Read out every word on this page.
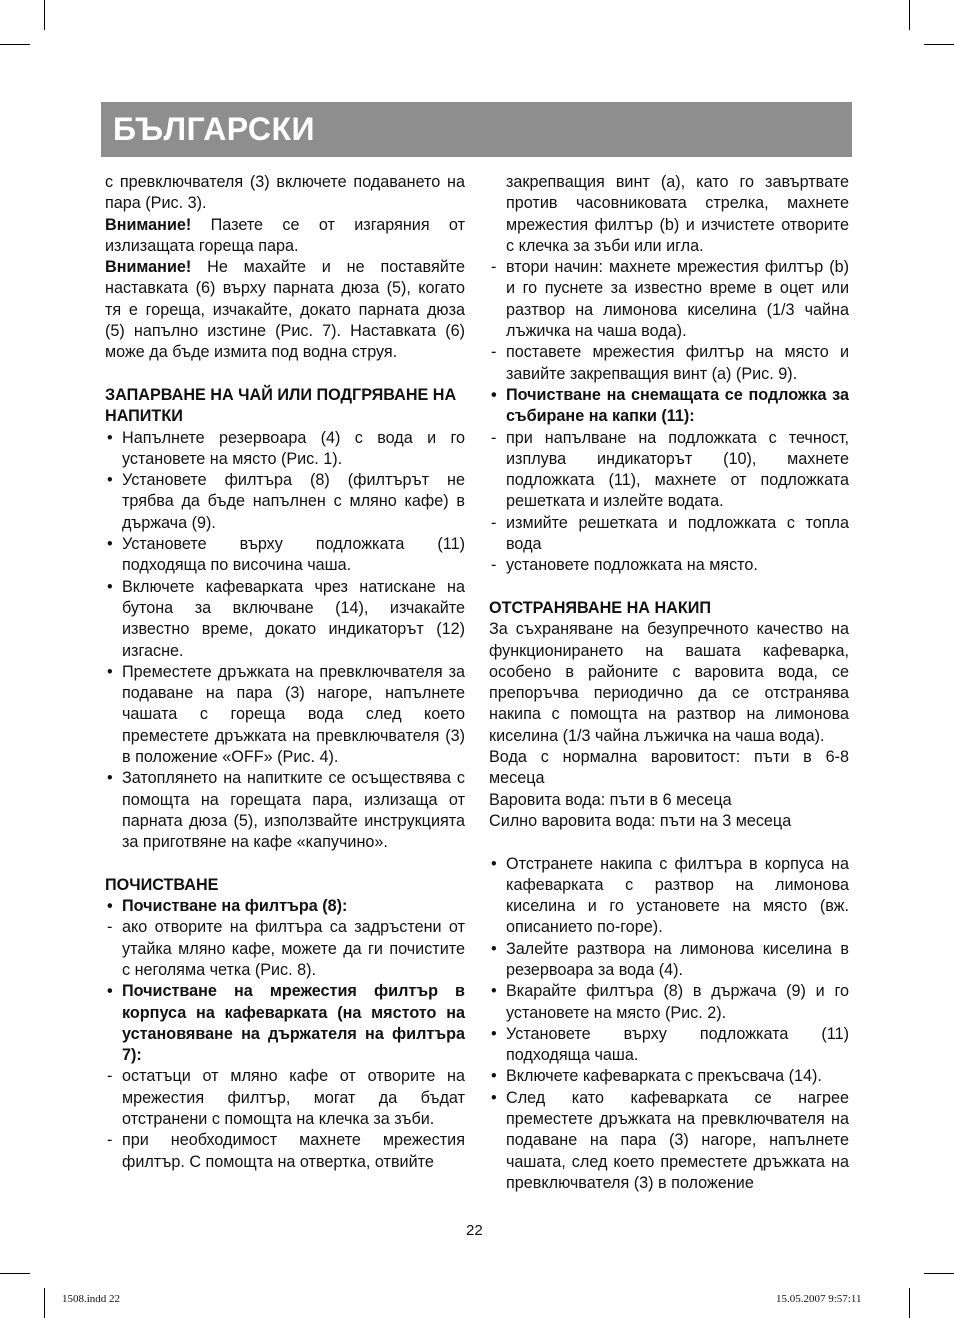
БЪЛГАРСКИ

с превключвателя (3) включете подаването на пара (Рис. 3).

Внимание! Пазете се от изгаряния от излизащата гореща пара.

Внимание! Не махайте и не поставяйте наставката (6) върху парната дюза (5), когато тя е гореща, изчакайте, докато парната дюза (5) напълно изстине (Рис. 7). Наставката (6) може да бъде измита под водна струя.

ЗАПАРВАНЕ НА ЧАЙ ИЛИ ПОДГРЯВАНЕ НА НАПИТКИ
• Напълнете резервоара (4) с вода и го установете на място (Рис. 1).
• Установете филтъра (8) (филтърът не трябва да бъде напълнен с мляно кафе) в държача (9).
• Установете върху подложката (11) подходяща по височина чаша.
• Включете кафеварката чрез натискане на бутона за включване (14), изчакайте известно време, докато индикаторът (12) изгасне.
• Преместете дръжката на превключвателя за подаване на пара (3) нагоре, напълнете чашата с гореща вода след което преместете дръжката на превключвателя (3) в положение «OFF» (Рис. 4).
• Затоплянето на напитките се осъществява с помощта на горещата пара, излизаща от парната дюза (5), използвайте инструкцията за приготвяне на кафе «капучино».
ПОЧИСТВАНЕ
• Почистване на филтъра (8):
- ако отворите на филтъра са задръстени от утайка мляно кафе, можете да ги почистите с неголяма четка (Рис. 8).
• Почистване на мрежестия филтър в корпуса на кафеварката (на мястото на установяване на държателя на филтъра 7):
- остатъци от мляно кафе от отворите на мрежестия филтър, могат да бъдат отстранени с помощта на клечка за зъби.
- при необходимост махнете мрежестия филтър. С помощта на отвертка, отвийте

закрепващия винт (а), като го завъртвате против часовниковата стрелка, махнете мрежестия филтър (b) и изчистете отворите с клечка за зъби или игла.

- втори начин: махнете мрежестия филтър (b) и го пуснете за известно време в оцет или разтвор на лимонова киселина (1/3 чайна лъжичка на чаша вода).
- поставете мрежестия филтър на място и завийте закрепващия винт (а) (Рис. 9).
• Почистване на снемащата се подложка за събиране на капки (11):
- при напълване на подложката с течност, изплува индикаторът (10), махнете подложката (11), махнете от подложката решетката и излейте водата.
- измийте решетката и подложката с топла вода
- установете подложката на място.
ОТСТРАНЯВАНЕ НА НАКИП

За съхраняване на безупречното качество на функционирането на вашата кафеварка, особено в районите с варовита вода, се препоръчва периодично да се отстранява накипа с помощта на разтвор на лимонова киселина (1/3 чайна лъжичка на чаша вода).

Вода с нормална варовитост: пъти в 6-8 месеца

Варовита вода: пъти в 6 месеца

Силно варовита вода: пъти на 3 месеца

• Отстранете накипа с филтъра в корпуса на кафеварката с разтвор на лимонова киселина и го установете на място (вж. описанието по-горе).
• Залейте разтвора на лимонова киселина в резервоара за вода (4).
• Вкарайте филтъра (8) в държача (9) и го установете на място (Рис. 2).
• Установете върху подложката (11) подходяща чаша.
• Включете кафеварката с прекъсвача (14).
• След като кафеварката се нагрее преместете дръжката на превключвателя на подаване на пара (3) нагоре, напълнете чашата, след което преместете дръжката на превключвателя (3) в положение
22
1508.indd 22	15.05.2007 9:57:11
